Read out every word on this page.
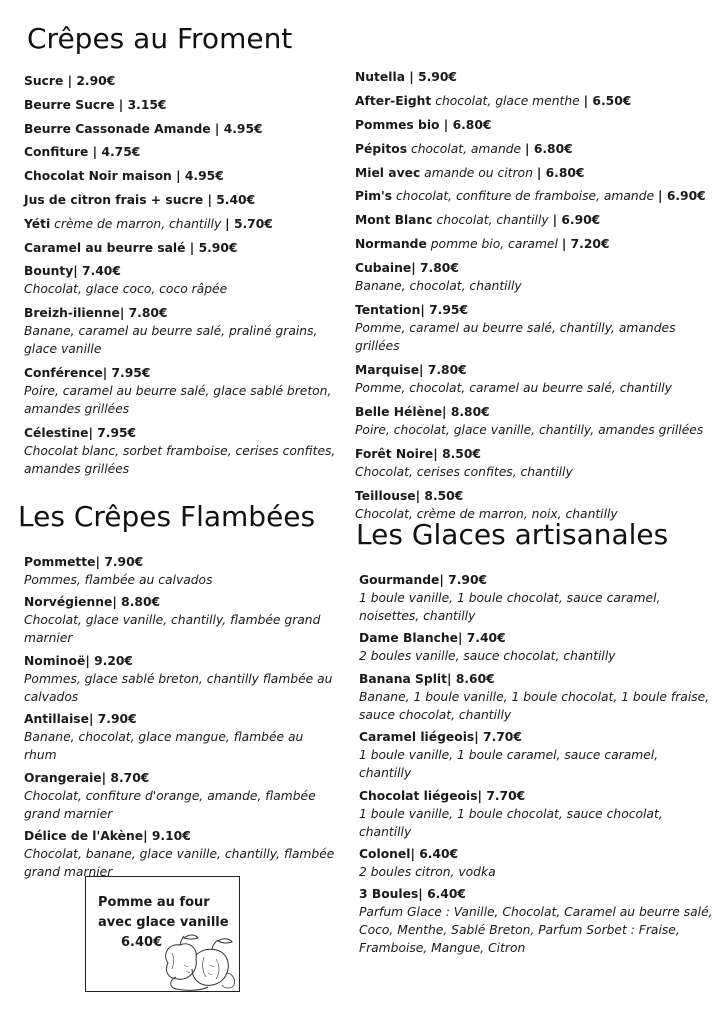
Crêpes au Froment
Les Crêpes Flambées
Les Glaces artisanales
Sucre | 2.90€
Beurre Sucre | 3.15€
Beurre Cassonade Amande | 4.95€
Confiture | 4.75€
Chocolat Noir maison | 4.95€
Jus de citron frais + sucre | 5.40€
Yéti crème de marron, chantilly | 5.70€
Caramel au beurre salé | 5.90€
Bounty| 7.40€
Chocolat, glace coco, coco râpée
Breizh-ilienne| 7.80€
Banane, caramel au beurre salé, praliné grains, glace vanille
Conférence| 7.95€
Poire, caramel au beurre salé, glace sablé breton, amandes grillées
Célestine| 7.95€
Chocolat blanc, sorbet framboise, cerises confites, amandes grillées
Nutella | 5.90€
After-Eight chocolat, glace menthe | 6.50€
Pommes bio | 6.80€
Pépitos chocolat, amande | 6.80€
Miel avec amande ou citron | 6.80€
Pim's chocolat, confiture de framboise, amande | 6.90€
Mont Blanc chocolat, chantilly | 6.90€
Normande pomme bio, caramel | 7.20€
Cubaine| 7.80€
Banane, chocolat, chantilly
Tentation| 7.95€
Pomme, caramel au beurre salé, chantilly, amandes grillées
Marquise| 7.80€
Pomme, chocolat, caramel au beurre salé, chantilly
Belle Hélène| 8.80€
Poire, chocolat, glace vanille, chantilly, amandes grillées
Forêt Noire| 8.50€
Chocolat, cerises confites, chantilly
Teillouse| 8.50€
Chocolat, crème de marron, noix, chantilly
Pommette| 7.90€
Pommes, flambée au calvados
Norvégienne| 8.80€
Chocolat, glace vanille, chantilly, flambée grand marnier
Nominoë| 9.20€
Pommes, glace sablé breton, chantilly flambée au calvados
Antillaise| 7.90€
Banane, chocolat, glace mangue, flambée au rhum
Orangeraie| 8.70€
Chocolat, confiture d'orange, amande, flambée grand marnier
Délice de l'Akène| 9.10€
Chocolat, banane, glace vanille, chantilly, flambée grand marnier
Gourmande| 7.90€
1 boule vanille, 1 boule chocolat, sauce caramel, noisettes, chantilly
Dame Blanche| 7.40€
2 boules vanille, sauce chocolat, chantilly
Banana Split| 8.60€
Banane, 1 boule vanille, 1 boule chocolat, 1 boule fraise, sauce chocolat, chantilly
Caramel liégeois| 7.70€
1 boule vanille, 1 boule caramel, sauce caramel, chantilly
Chocolat liégeois| 7.70€
1 boule vanille, 1 boule chocolat, sauce chocolat, chantilly
Colonel| 6.40€
2 boules citron, vodka
3 Boules| 6.40€
Parfum Glace : Vanille, Chocolat, Caramel au beurre salé, Coco, Menthe, Sablé Breton, Parfum Sorbet : Fraise, Framboise, Mangue, Citron
Pomme au four
avec glace vanille
6.40€
